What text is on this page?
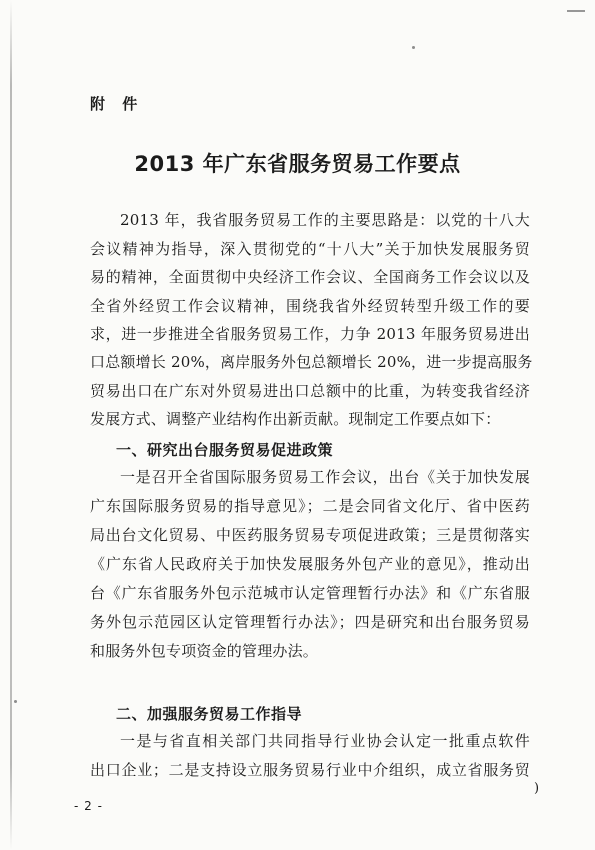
附 件
2013 年广东省服务贸易工作要点
2013 年，我省服务贸易工作的主要思路是：以党的十八大
会议精神为指导，深入贯彻党的“十八大”关于加快发展服务贸
易的精神，全面贯彻中央经济工作会议、全国商务工作会议以及
全省外经贸工作会议精神，围绕我省外经贸转型升级工作的要
求，进一步推进全省服务贸易工作，力争 2013 年服务贸易进出
口总额增长 20%，离岸服务外包总额增长 20%，进一步提高服务
贸易出口在广东对外贸易进出口总额中的比重，为转变我省经济
发展方式、调整产业结构作出新贡献。现制定工作要点如下：
一、研究出台服务贸易促进政策
一是召开全省国际服务贸易工作会议，出台《关于加快发展
广东国际服务贸易的指导意见》；二是会同省文化厅、省中医药
局出台文化贸易、中医药服务贸易专项促进政策；三是贯彻落实
《广东省人民政府关于加快发展服务外包产业的意见》，推动出
台《广东省服务外包示范城市认定管理暂行办法》和《广东省服
务外包示范园区认定管理暂行办法》；四是研究和出台服务贸易
和服务外包专项资金的管理办法。
二、加强服务贸易工作指导
一是与省直相关部门共同指导行业协会认定一批重点软件
出口企业；二是支持设立服务贸易行业中介组织，成立省服务贸
)
- 2 -
